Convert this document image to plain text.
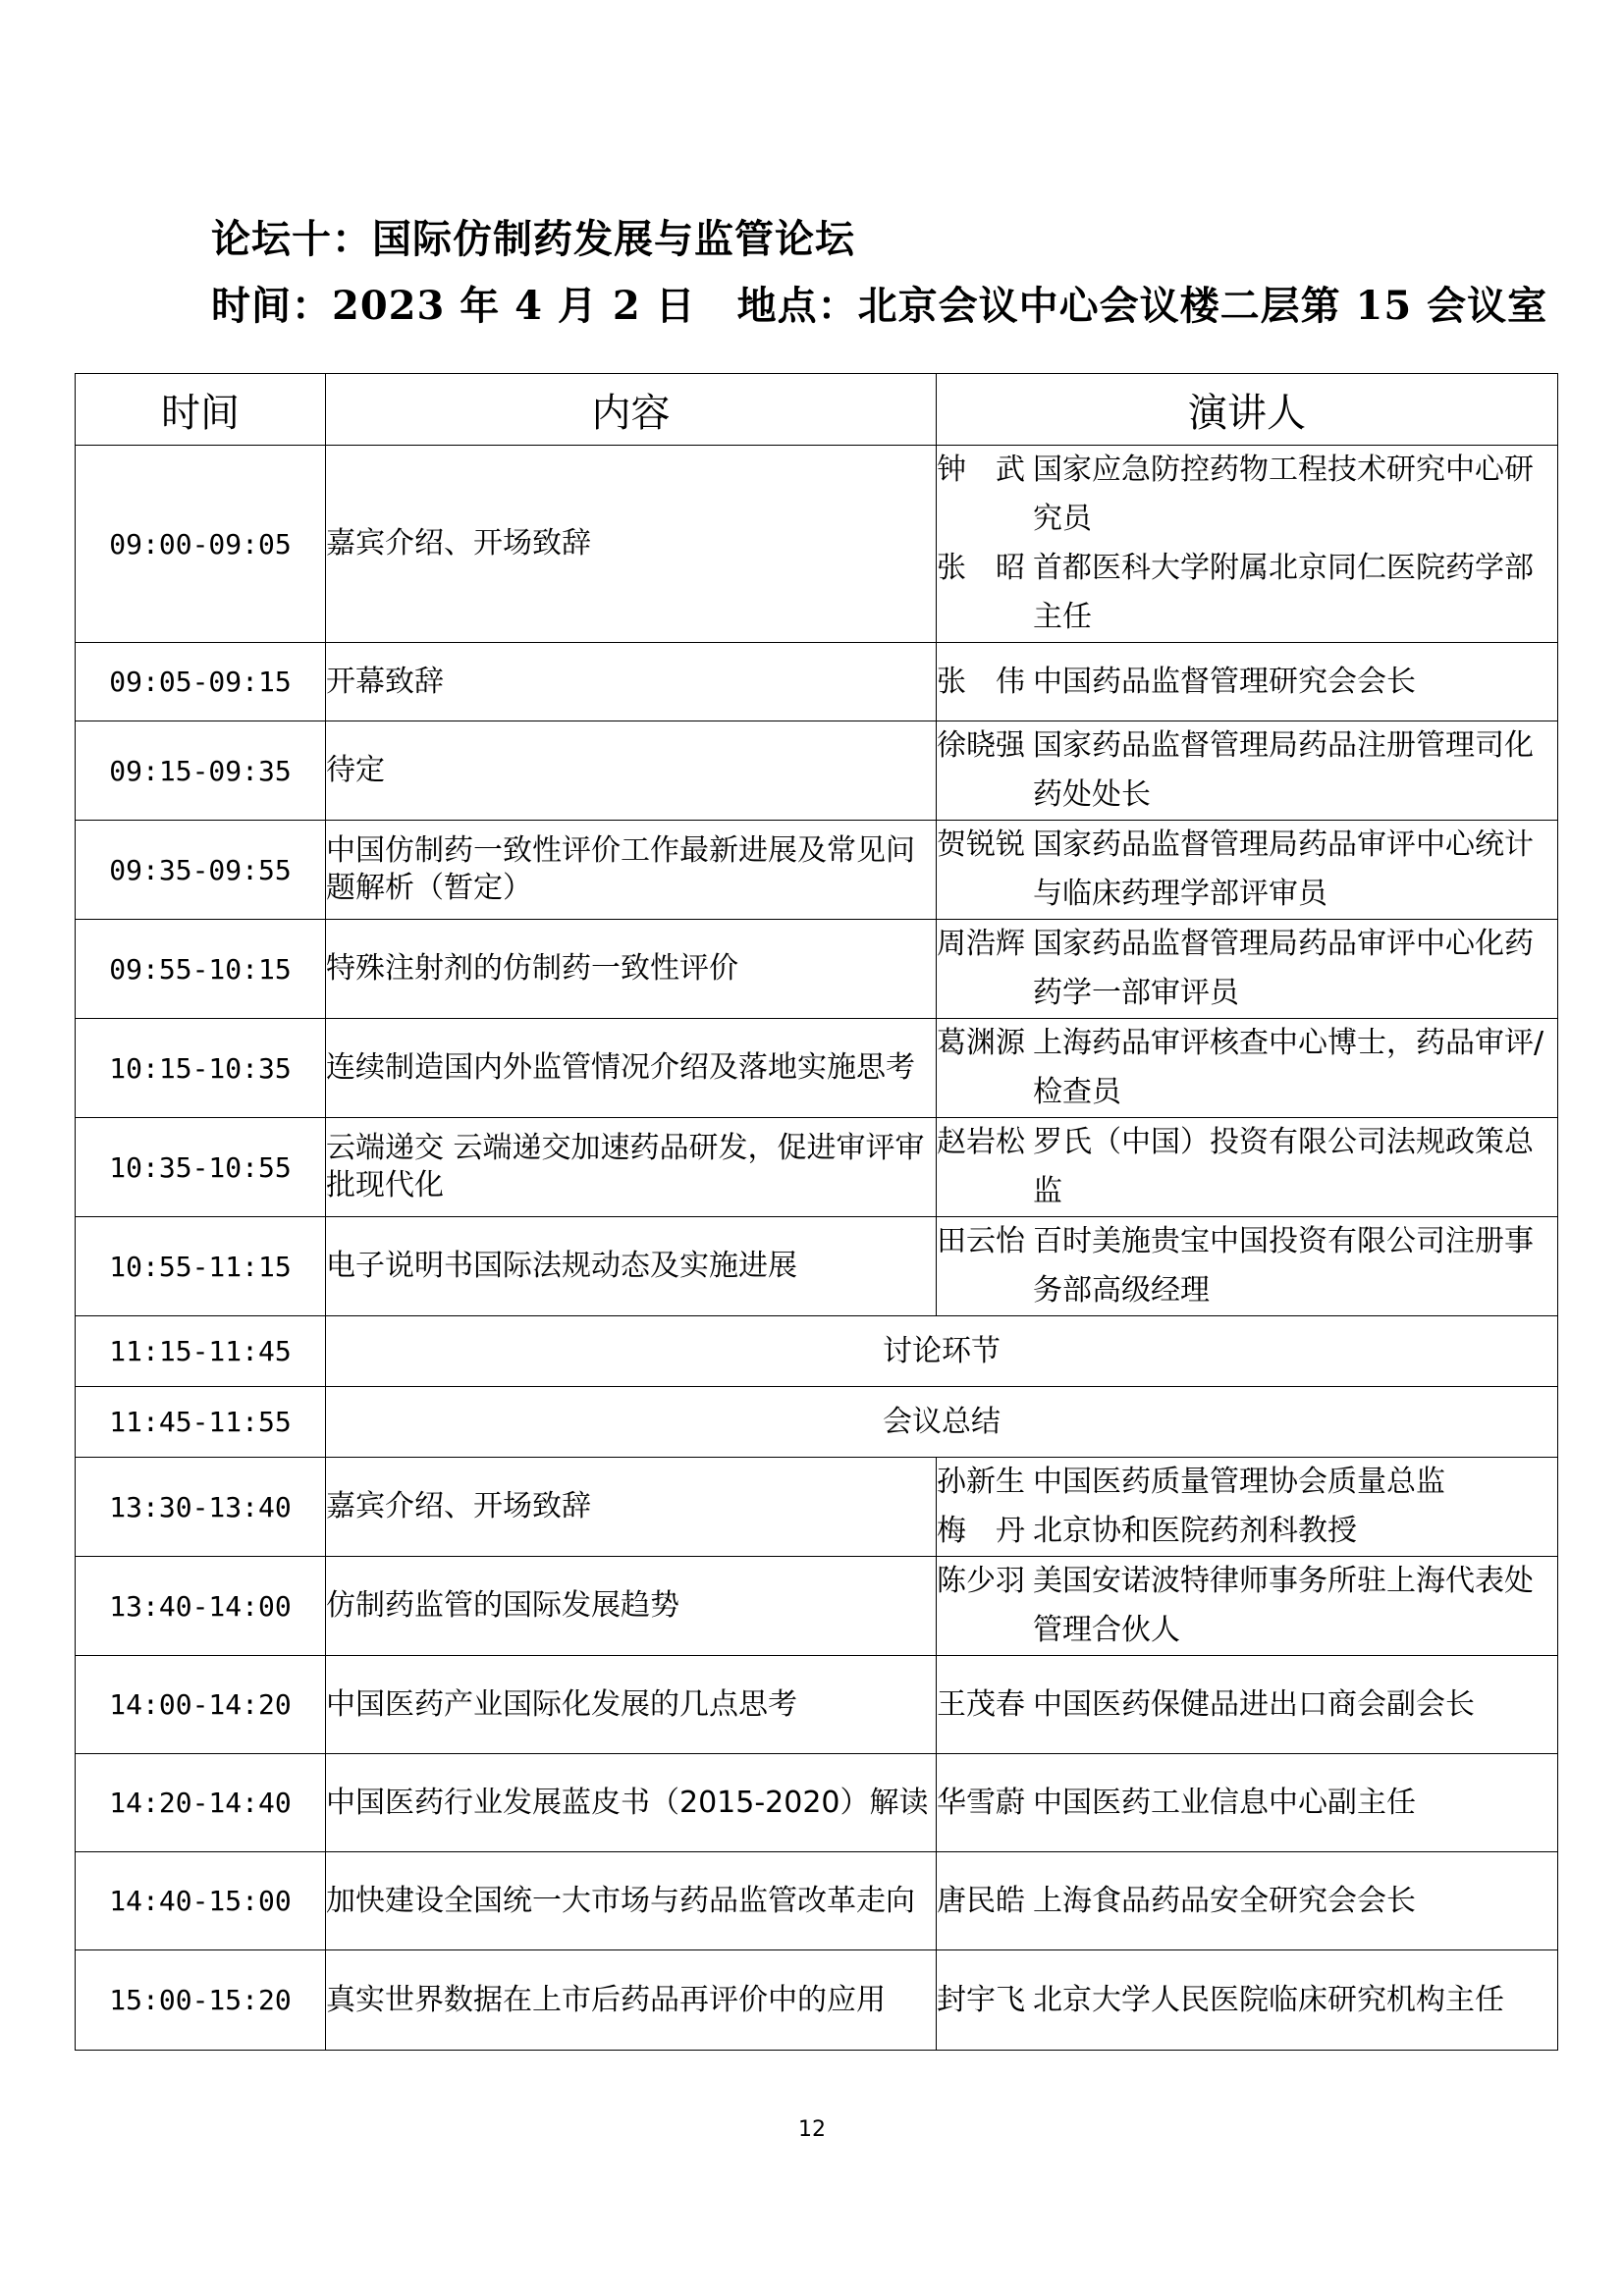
论坛十：国际仿制药发展与监管论坛
时间：2023 年 4 月 2 日 地点：北京会议中心会议楼二层第 15 会议室
时间	内容	演讲人
09:00-09:05	嘉宾介绍、开场致辞	钟　武 国家应急防控药物工程技术研究中心研究员
张　昭 首都医科大学附属北京同仁医院药学部主任

09:05-09:15	开幕致辞	张　伟 中国药品监督管理研究会会长

09:15-09:35	待定	徐晓强 国家药品监督管理局药品注册管理司化药处处长

09:35-09:55	中国仿制药一致性评价工作最新进展及常见问题解析（暂定）	贺锐锐 国家药品监督管理局药品审评中心统计与临床药理学部评审员

09:55-10:15	特殊注射剂的仿制药一致性评价	周浩辉 国家药品监督管理局药品审评中心化药药学一部审评员

10:15-10:35	连续制造国内外监管情况介绍及落地实施思考	葛渊源 上海药品审评核查中心博士，药品审评/检查员

10:35-10:55	云端递交 云端递交加速药品研发，促进审评审批现代化	赵岩松 罗氏（中国）投资有限公司法规政策总监

10:55-11:15	电子说明书国际法规动态及实施进展	田云怡 百时美施贵宝中国投资有限公司注册事务部高级经理

11:15-11:45	讨论环节	
11:45-11:55	会议总结	
13:30-13:40	嘉宾介绍、开场致辞	孙新生 中国医药质量管理协会质量总监
梅　丹 北京协和医院药剂科教授

13:40-14:00	仿制药监管的国际发展趋势	陈少羽 美国安诺波特律师事务所驻上海代表处管理合伙人

14:00-14:20	中国医药产业国际化发展的几点思考	王茂春 中国医药保健品进出口商会副会长

14:20-14:40	中国医药行业发展蓝皮书（2015-2020）解读	华雪蔚 中国医药工业信息中心副主任

14:40-15:00	加快建设全国统一大市场与药品监管改革走向	唐民皓 上海食品药品安全研究会会长

15:00-15:20	真实世界数据在上市后药品再评价中的应用	封宇飞 北京大学人民医院临床研究机构主任
12
